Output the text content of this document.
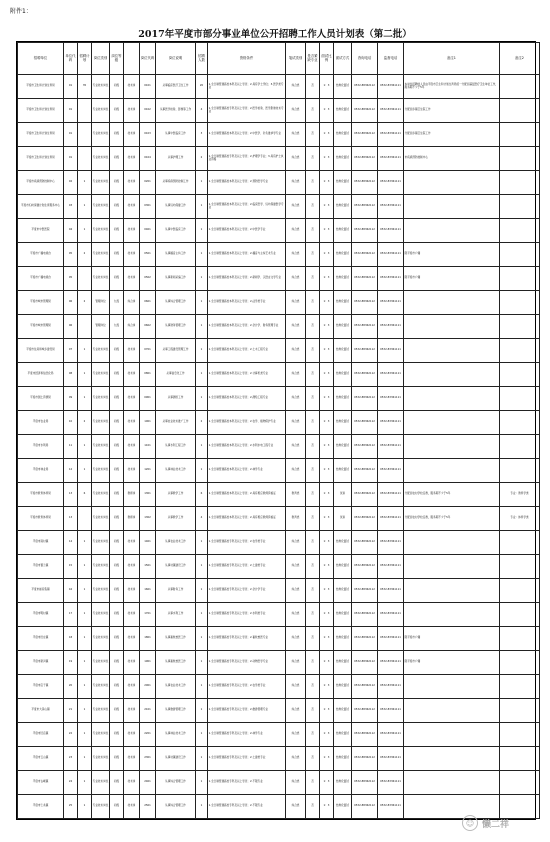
附件1：
2017年平度市部分事业单位公开招聘工作人员计划表（第二批）
招聘单位	单位代码	招聘计划	岗位类别	岗位等级		岗位代码	岗位说明	招聘人数	资格条件	笔试类别	是否紧缺专业	面试比例	面试方式	咨询电话	监督电话	备注1	备注2
平度市卫生和计划生育局	01	35	专业技术岗位	初级	技术岗	0101	从事临床医疗卫生工作	20	1.全日制普通高校本科及以上学历；2.具有学士学位；3.医学类专业	综合类	否	1：3	结构化面试	0532-88362112	0532-83361111	本岗位招聘的人员由平度市卫生和计划生育局统一分配到基层医疗卫生单位工作，服务期不少于5年	
平度市卫生和计划生育局	01		专业技术岗位	初级	技术岗	0102	从事医学检验、影像等工作	4	1.全日制普通高校专科及以上学历；2.医学检验、医学影像技术专业	综合类	否	1：3	结构化面试	0532-88362112	0532-83361111	分配到乡镇卫生院工作	
平度市卫生和计划生育局	01		专业技术岗位	初级	技术岗	0103	从事中医临床工作	3	1.全日制普通高校本科及以上学历；2.中医学、针灸推拿学专业	综合类	否	1：3	结构化面试	0532-88362112	0532-83361111	分配到乡镇卫生院工作	
平度市卫生和计划生育局	01		专业技术岗位	初级	技术岗	0104	从事护理工作	2	1.全日制普通高校专科及以上学历；2.护理学专业；3.具有护士执业资格	综合类	否	1：3	结构化面试	0532-88362112	0532-83361111	市疾病预防控制中心	
平度市疾病预防控制中心	02	1	专业技术岗位	初级	技术岗	0201	从事疾病预防控制工作	1	1.全日制普通高校本科及以上学历；2.预防医学专业	综合类	否	1：3	结构化面试	0532-88362112	0532-83361111		
平度市妇幼保健计划生育服务中心	03	1	专业技术岗位	初级	技术岗	0301	从事妇幼保健工作	1	1.全日制普通高校本科及以上学历；2.临床医学、妇幼保健医学专业	综合类	否	1：3	结构化面试	0532-88362112	0532-83361111		
平度市中医医院	04	1	专业技术岗位	初级	技术岗	0401	从事中医临床工作	1	1.全日制普通高校本科及以上学历；2.中医学专业	综合类	否	1：3	结构化面试	0532-88362112	0532-83361111		
平度市广播电视台	05	2	专业技术岗位	初级	技术岗	0501	从事播音主持工作	1	1.全日制普通高校本科及以上学历；2.播音与主持艺术专业	综合类	否	1：3	结构化面试	0532-88362112	0532-83361111	限平度市户籍	
平度市广播电视台	05		专业技术岗位	初级	技术岗	0502	从事新闻采编工作	1	1.全日制普通高校本科及以上学历；2.新闻学、汉语言文学专业	综合类	否	1：3	结构化面试	0532-88362112	0532-83361111	限平度市户籍	
平度市城市管理局	06	2	管理岗位	九级	综合岗	0601	从事综合管理工作	1	1.全日制普通高校本科及以上学历；2.法学类专业	综合类	否	1：3	结构化面试	0532-88362112	0532-83361111		
平度市城市管理局	06		管理岗位	九级	综合岗	0602	从事财务管理工作	1	1.全日制普通高校本科及以上学历；2.会计学、财务管理专业	综合类	否	1：3	结构化面试	0532-88362112	0532-83361111		
平度市住房和城乡建设局	07	1	专业技术岗位	初级	技术岗	0701	从事工程建设管理工作	1	1.全日制普通高校本科及以上学历；2.土木工程专业	综合类	否	1：3	结构化面试	0532-88362112	0532-83361111		
平度市经济和信息化局	08	1	专业技术岗位	初级	技术岗	0801	从事信息化工作	1	1.全日制普通高校本科及以上学历；2.计算机类专业	综合类	否	1：3	结构化面试	0532-88362112	0532-83361111		
平度市国土资源局	09	1	专业技术岗位	初级	技术岗	0901	从事测绘工作	1	1.全日制普通高校本科及以上学历；2.测绘工程专业	综合类	否	1：3	结构化面试	0532-88362112	0532-83361111		
平度市农业局	10	2	专业技术岗位	初级	技术岗	1001	从事农业技术推广工作	2	1.全日制普通高校本科及以上学历；2.农学、植物保护专业	综合类	否	1：3	结构化面试	0532-88362112	0532-83361111		
平度市水利局	11	1	专业技术岗位	初级	技术岗	1101	从事水利工程工作	1	1.全日制普通高校本科及以上学历；2.水利水电工程专业	综合类	否	1：3	结构化面试	0532-88362112	0532-83361111		
平度市林业局	12	1	专业技术岗位	初级	技术岗	1201	从事林业技术工作	1	1.全日制普通高校本科及以上学历；2.林学专业	综合类	否	1：3	结构化面试	0532-88362112	0532-83361111		
平度市教育体育局	13	6	专业技术岗位	初级	教师岗	1301	从事教学工作	6	1.全日制普通高校本科及以上学历；2.具有相应教师资格证	教育类	否	1：3	试讲	0532-88362112	0532-83361111	分配到农村学校任教，服务期不少于5年	专业：教育学类
平度市教育体育局	13		专业技术岗位	初级	教师岗	1302	从事教学工作	4	1.全日制普通高校本科及以上学历；2.具有相应教师资格证	教育类	否	1：3	试讲	0532-88362112	0532-83361111	分配到农村学校任教，服务期不少于5年	专业：体育学类
平度市南村镇	14	1	专业技术岗位	初级	技术岗	1401	从事农业技术工作	1	1.全日制普通高校专科及以上学历；2.农学类专业	综合类	否	1：3	结构化面试	0532-88362112	0532-83361111		
平度市蓼兰镇	15	1	专业技术岗位	初级	技术岗	1501	从事村镇建设工作	1	1.全日制普通高校专科及以上学历；2.土建类专业	综合类	否	1：3	结构化面试	0532-88362112	0532-83361111		
平度市崔家集镇	16	1	专业技术岗位	初级	技术岗	1601	从事财务工作	1	1.全日制普通高校专科及以上学历；2.会计学专业	综合类	否	1：3	结构化面试	0532-88362112	0532-83361111		
平度市明村镇	17	1	专业技术岗位	初级	技术岗	1701	从事水利工作	1	1.全日制普通高校专科及以上学历；2.水利类专业	综合类	否	1：3	结构化面试	0532-88362112	0532-83361111		
平度市田庄镇	18	1	专业技术岗位	初级	技术岗	1801	从事畜牧兽医工作	1	1.全日制普通高校专科及以上学历；2.畜牧兽医专业	综合类	否	1：3	结构化面试	0532-88362112	0532-83361111	限平度市户籍	
平度市新河镇	19	1	专业技术岗位	初级	技术岗	1901	从事畜牧兽医工作	1	1.全日制普通高校专科及以上学历；2.动物医学专业	综合类	否	1：3	结构化面试	0532-88362112	0532-83361111	限平度市户籍	
平度市店子镇	20	1	专业技术岗位	初级	技术岗	2001	从事农业技术工作	1	1.全日制普通高校专科及以上学历；2.农学类专业	综合类	否	1：3	结构化面试	0532-88362112	0532-83361111		
平度市大泽山镇	21	1	专业技术岗位	初级	技术岗	2101	从事旅游管理工作	1	1.全日制普通高校专科及以上学历；2.旅游管理专业	综合类	否	1：3	结构化面试	0532-88362112	0532-83361111		
平度市旧店镇	22	1	专业技术岗位	初级	技术岗	2201	从事林业技术工作	1	1.全日制普通高校专科及以上学历；2.林学专业	综合类	否	1：3	结构化面试	0532-88362112	0532-83361111		
平度市云山镇	23	1	专业技术岗位	初级	技术岗	2301	从事村镇建设工作	1	1.全日制普通高校专科及以上学历；2.土建类专业	综合类	否	1：3	结构化面试	0532-88362112	0532-83361111		
平度市古岘镇	24	1	专业技术岗位	初级	技术岗	2401	从事综合管理工作	1	1.全日制普通高校专科及以上学历；2.不限专业	综合类	否	1：3	结构化面试	0532-88362112	0532-83361111		
平度市仁兆镇	25	1	专业技术岗位	初级	技术岗	2501	从事综合管理工作	1	1.全日制普通高校专科及以上学历；2.不限专业	综合类	否	1：3	结构化面试	0532-88362112	0532-83361111		
☺ 懒二祥
